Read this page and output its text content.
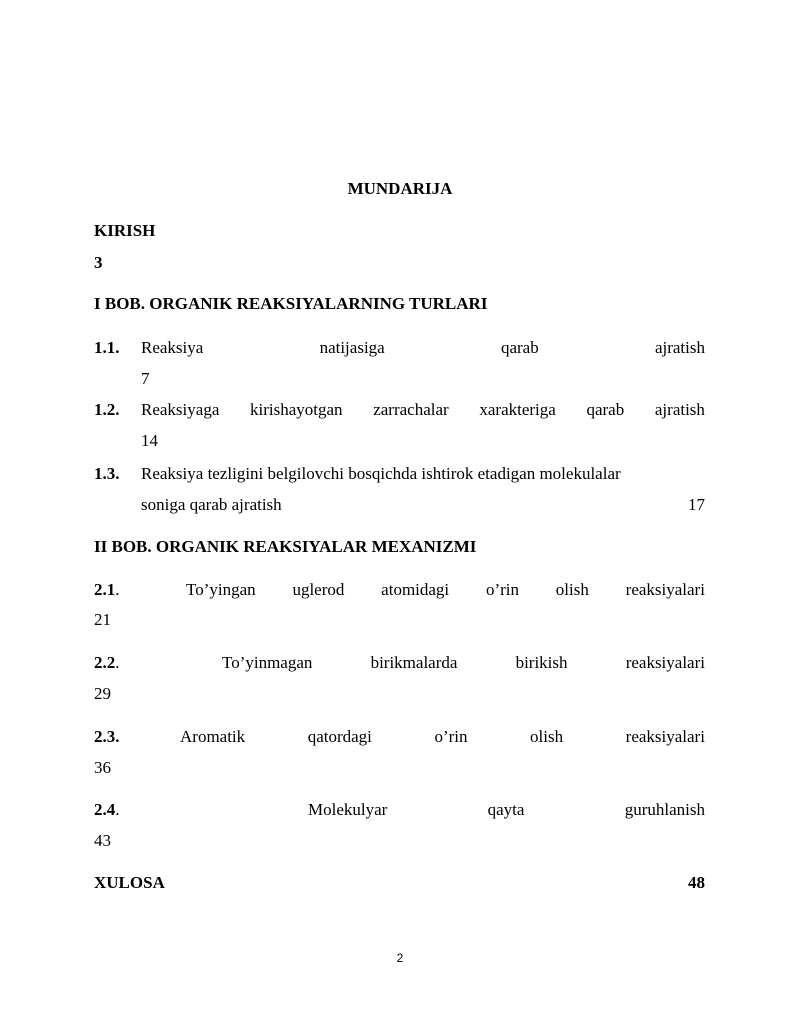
MUNDARIJA
KIRISH
3
I BOB. ORGANIK REAKSIYALARNING TURLARI
1.1. Reaksiya	natijasiga	qarab	ajratish
7
1.2. Reaksiyaga kirishayotgan zarrachalar xarakteriga qarab ajratish
14
1.3. Reaksiya tezligini belgilovchi bosqichda ishtirok etadigan molekulalar
soniga qarab ajratish	17
II BOB. ORGANIK REAKSIYALAR MEXANIZMI
2.1.	To’yingan uglerod atomidagi o’rin olish reaksiyalari
21
2.2.	To’yinmagan	birikmalarda	birikish	reaksiyalari
29
2.3.	Aromatik	qatordagi	o’rin	olish	reaksiyalari
36
2.4.	Molekulyar	qayta	guruhlanish
43
XULOSA	48
2
